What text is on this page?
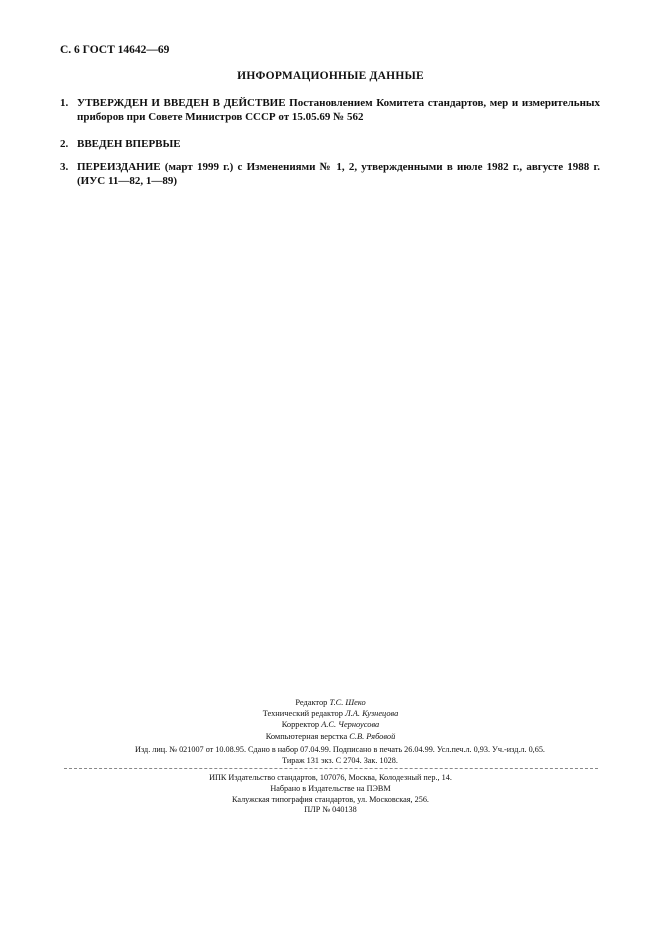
С. 6 ГОСТ 14642—69
ИНФОРМАЦИОННЫЕ ДАННЫЕ
1. УТВЕРЖДЕН И ВВЕДЕН В ДЕЙСТВИЕ Постановлением Комитета стандартов, мер и измерительных приборов при Совете Министров СССР от 15.05.69 № 562
2. ВВЕДЕН ВПЕРВЫЕ
3. ПЕРЕИЗДАНИЕ (март 1999 г.) с Изменениями № 1, 2, утвержденными в июле 1982 г., августе 1988 г. (ИУС 11—82, 1—89)
Редактор Т.С. Шеко
Технический редактор Л.А. Кузнецова
Корректор А.С. Черноусова
Компьютерная верстка С.В. Рябовой
Изд. лиц. № 021007 от 10.08.95. Сдано в набор 07.04.99. Подписано в печать 26.04.99. Усл.печ.л. 0,93. Уч.-изд.л. 0,65.
Тираж 131 экз. С 2704. Зак. 1028.
ИПК Издательство стандартов, 107076, Москва, Колодезный пер., 14.
Набрано в Издательстве на ПЭВМ
Калужская типография стандартов, ул. Московская, 256.
ПЛР № 040138
